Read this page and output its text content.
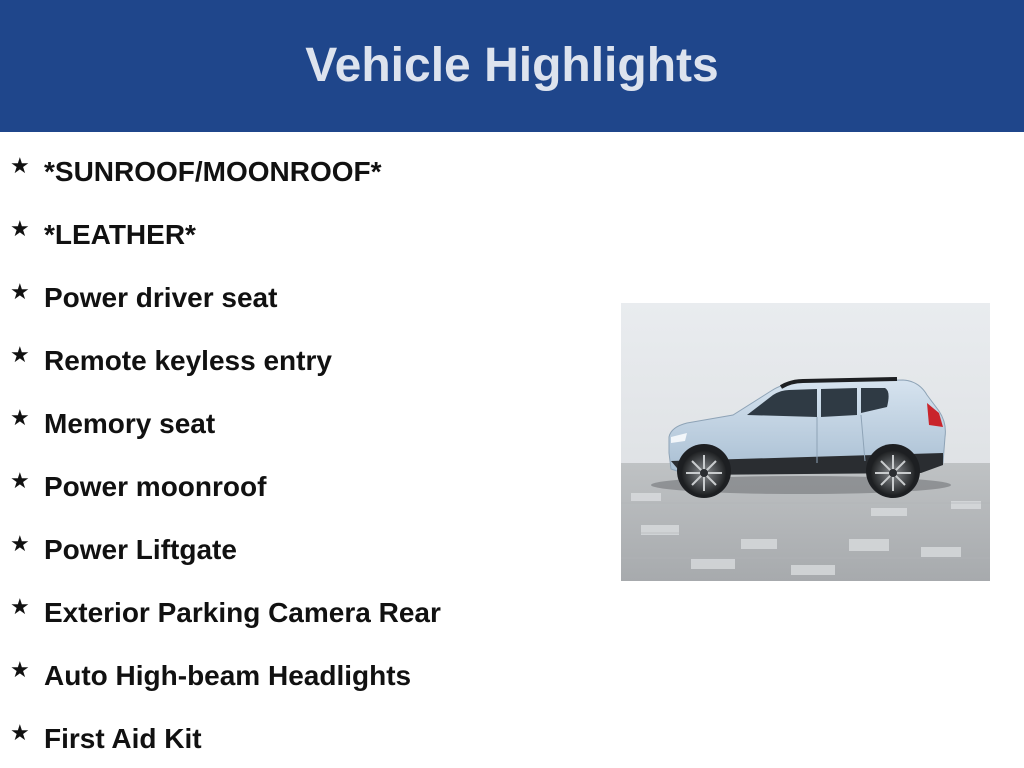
Vehicle Highlights
★ *SUNROOF/MOONROOF*
★ *LEATHER*
★ Power driver seat
★ Remote keyless entry
★ Memory seat
★ Power moonroof
★ Power Liftgate
★ Exterior Parking Camera Rear
★ Auto High-beam Headlights
★ First Aid Kit
